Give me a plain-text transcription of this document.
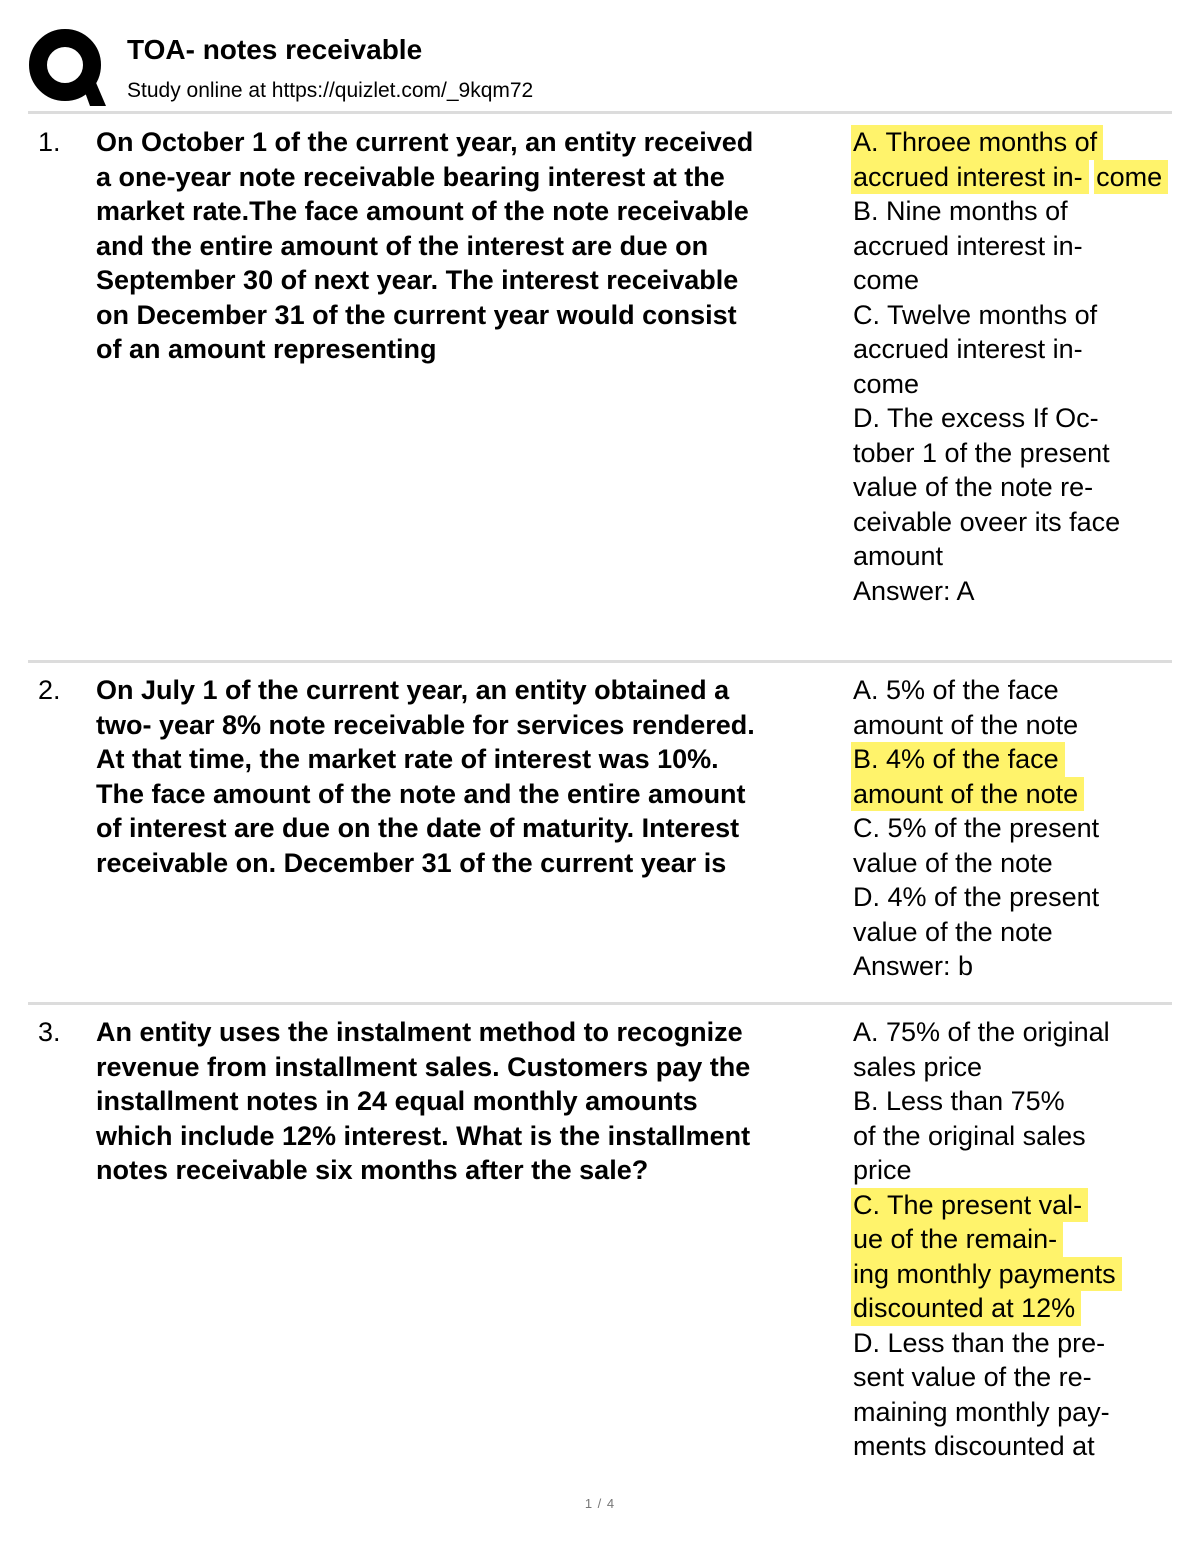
TOA- notes receivable
Study online at https://quizlet.com/_9kqm72
1. On October 1 of the current year, an entity received
a one-year note receivable bearing interest at the
market rate.The face amount of the note receivable
and the entire amount of the interest are due on
September 30 of next year. The interest receivable
on December 31 of the current year would consist
of an amount representing
A. Throee months of accrued interest in- come
B. Nine months of
accrued interest in-
come
C. Twelve months of
accrued interest in-
come
D. The excess If Oc-
tober 1 of the present
value of the note re-
ceivable oveer its face
amount
Answer: A
2. On July 1 of the current year, an entity obtained a
two- year 8% note receivable for services rendered.
At that time, the market rate of interest was 10%.
The face amount of the note and the entire amount
of interest are due on the date of maturity. Interest
receivable on. December 31 of the current year is
A. 5% of the face
amount of the note
B. 4% of the face amount of the note
C. 5% of the present
value of the note
D. 4% of the present
value of the note
Answer: b
3. An entity uses the instalment method to recognize
revenue from installment sales. Customers pay the
installment notes in 24 equal monthly amounts
which include 12% interest. What is the installment
notes receivable six months after the sale?
A. 75% of the original
sales price
B. Less than 75%
of the original sales
price
C. The present val- ue of the remain- ing monthly payments discounted at 12%
D. Less than the pre-
sent value of the re-
maining monthly pay-
ments discounted at
1 / 4
